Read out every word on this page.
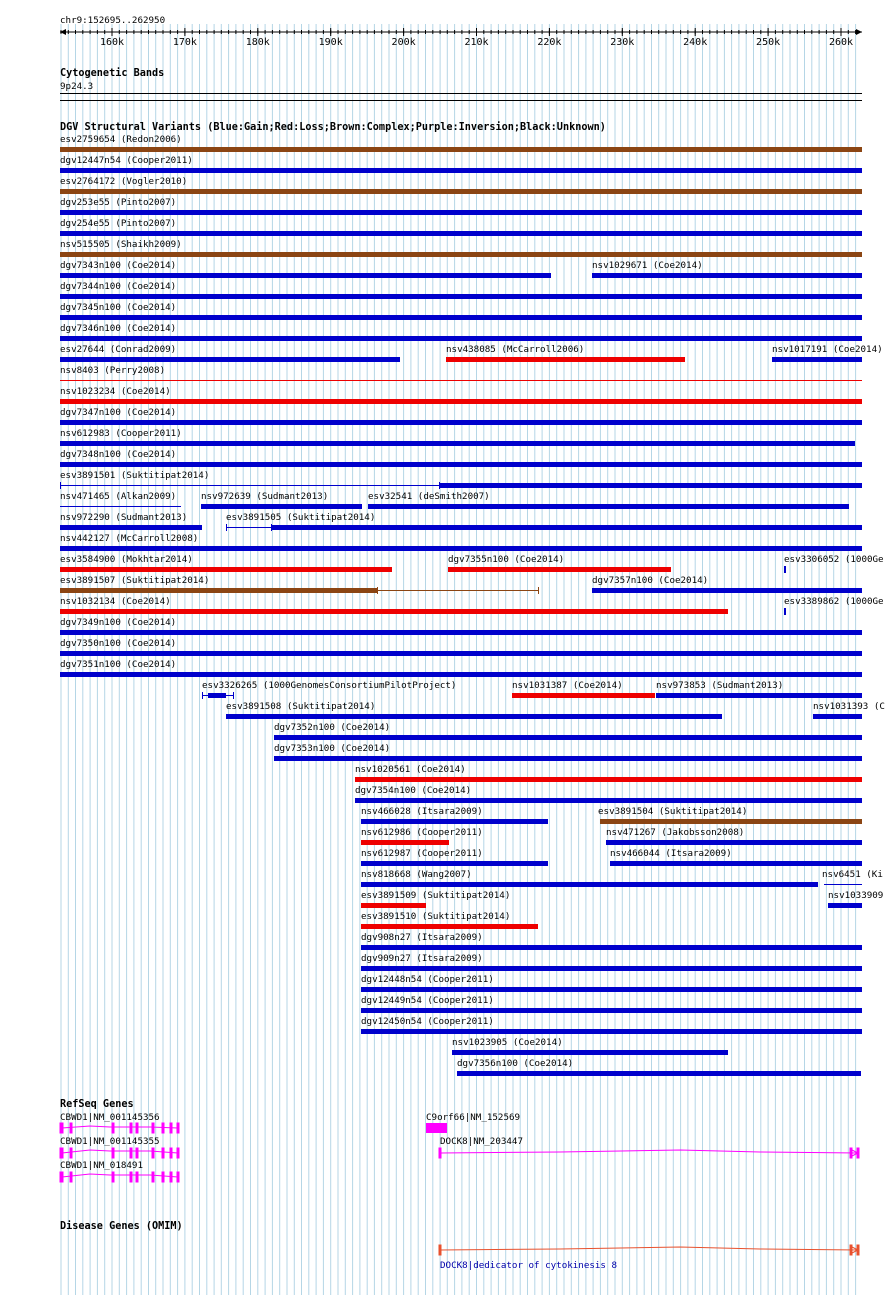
chr9:152695..262950
160k	170k	180k	190k	200k	210k	220k	230k	240k	250k	260k
Cytogenetic Bands
9p24.3
DGV Structural Variants (Blue:Gain;Red:Loss;Brown:Complex;Purple:Inversion;Black:Unknown)
esv2759654 (Redon2006)
dgv12447n54 (Cooper2011)
esv2764172 (Vogler2010)
dgv253e55 (Pinto2007)
dgv254e55 (Pinto2007)
nsv515505 (Shaikh2009)
dgv7343n100 (Coe2014)	nsv1029671 (Coe2014)
dgv7344n100 (Coe2014)
dgv7345n100 (Coe2014)
dgv7346n100 (Coe2014)
esv27644 (Conrad2009)	nsv438085 (McCarroll2006)	nsv1017191 (Coe2014)
nsv8403 (Perry2008)
nsv1023234 (Coe2014)
dgv7347n100 (Coe2014)
nsv612983 (Cooper2011)
dgv7348n100 (Coe2014)
esv3891501 (Suktitipat2014)
nsv471465 (Alkan2009)	nsv972639 (Sudmant2013)	esv32541 (deSmith2007)
nsv972290 (Sudmant2013)	esv3891505 (Suktitipat2014)
nsv442127 (McCarroll2008)
esv3584900 (Mokhtar2014)	dgv7355n100 (Coe2014)	esv3306052 (1000Ge
esv3891507 (Suktitipat2014)	dgv7357n100 (Coe2014)
nsv1032134 (Coe2014)	esv3389862 (1000Ge
dgv7349n100 (Coe2014)
dgv7350n100 (Coe2014)
dgv7351n100 (Coe2014)
esv3326265 (1000GenomesConsortiumPilotProject)	nsv1031387 (Coe2014)	nsv973853 (Sudmant2013)
esv3891508 (Suktitipat2014)	nsv1031393 (C
dgv7352n100 (Coe2014)
dgv7353n100 (Coe2014)
nsv1020561 (Coe2014)
dgv7354n100 (Coe2014)
nsv466028 (Itsara2009)	esv3891504 (Suktitipat2014)
nsv612986 (Cooper2011)	nsv471267 (Jakobsson2008)
nsv612987 (Cooper2011)	nsv466044 (Itsara2009)
nsv818668 (Wang2007)	nsv6451 (Ki
esv3891509 (Suktitipat2014)	nsv1033909
esv3891510 (Suktitipat2014)
dgv908n27 (Itsara2009)
dgv909n27 (Itsara2009)
dgv12448n54 (Cooper2011)
dgv12449n54 (Cooper2011)
dgv12450n54 (Cooper2011)
nsv1023905 (Coe2014)
dgv7356n100 (Coe2014)
RefSeq Genes
CBWD1|NM_001145356	C9orf66|NM_152569
CBWD1|NM_001145355	DOCK8|NM_203447
CBWD1|NM_018491
Disease Genes (OMIM)
DOCK8|dedicator of cytokinesis 8
